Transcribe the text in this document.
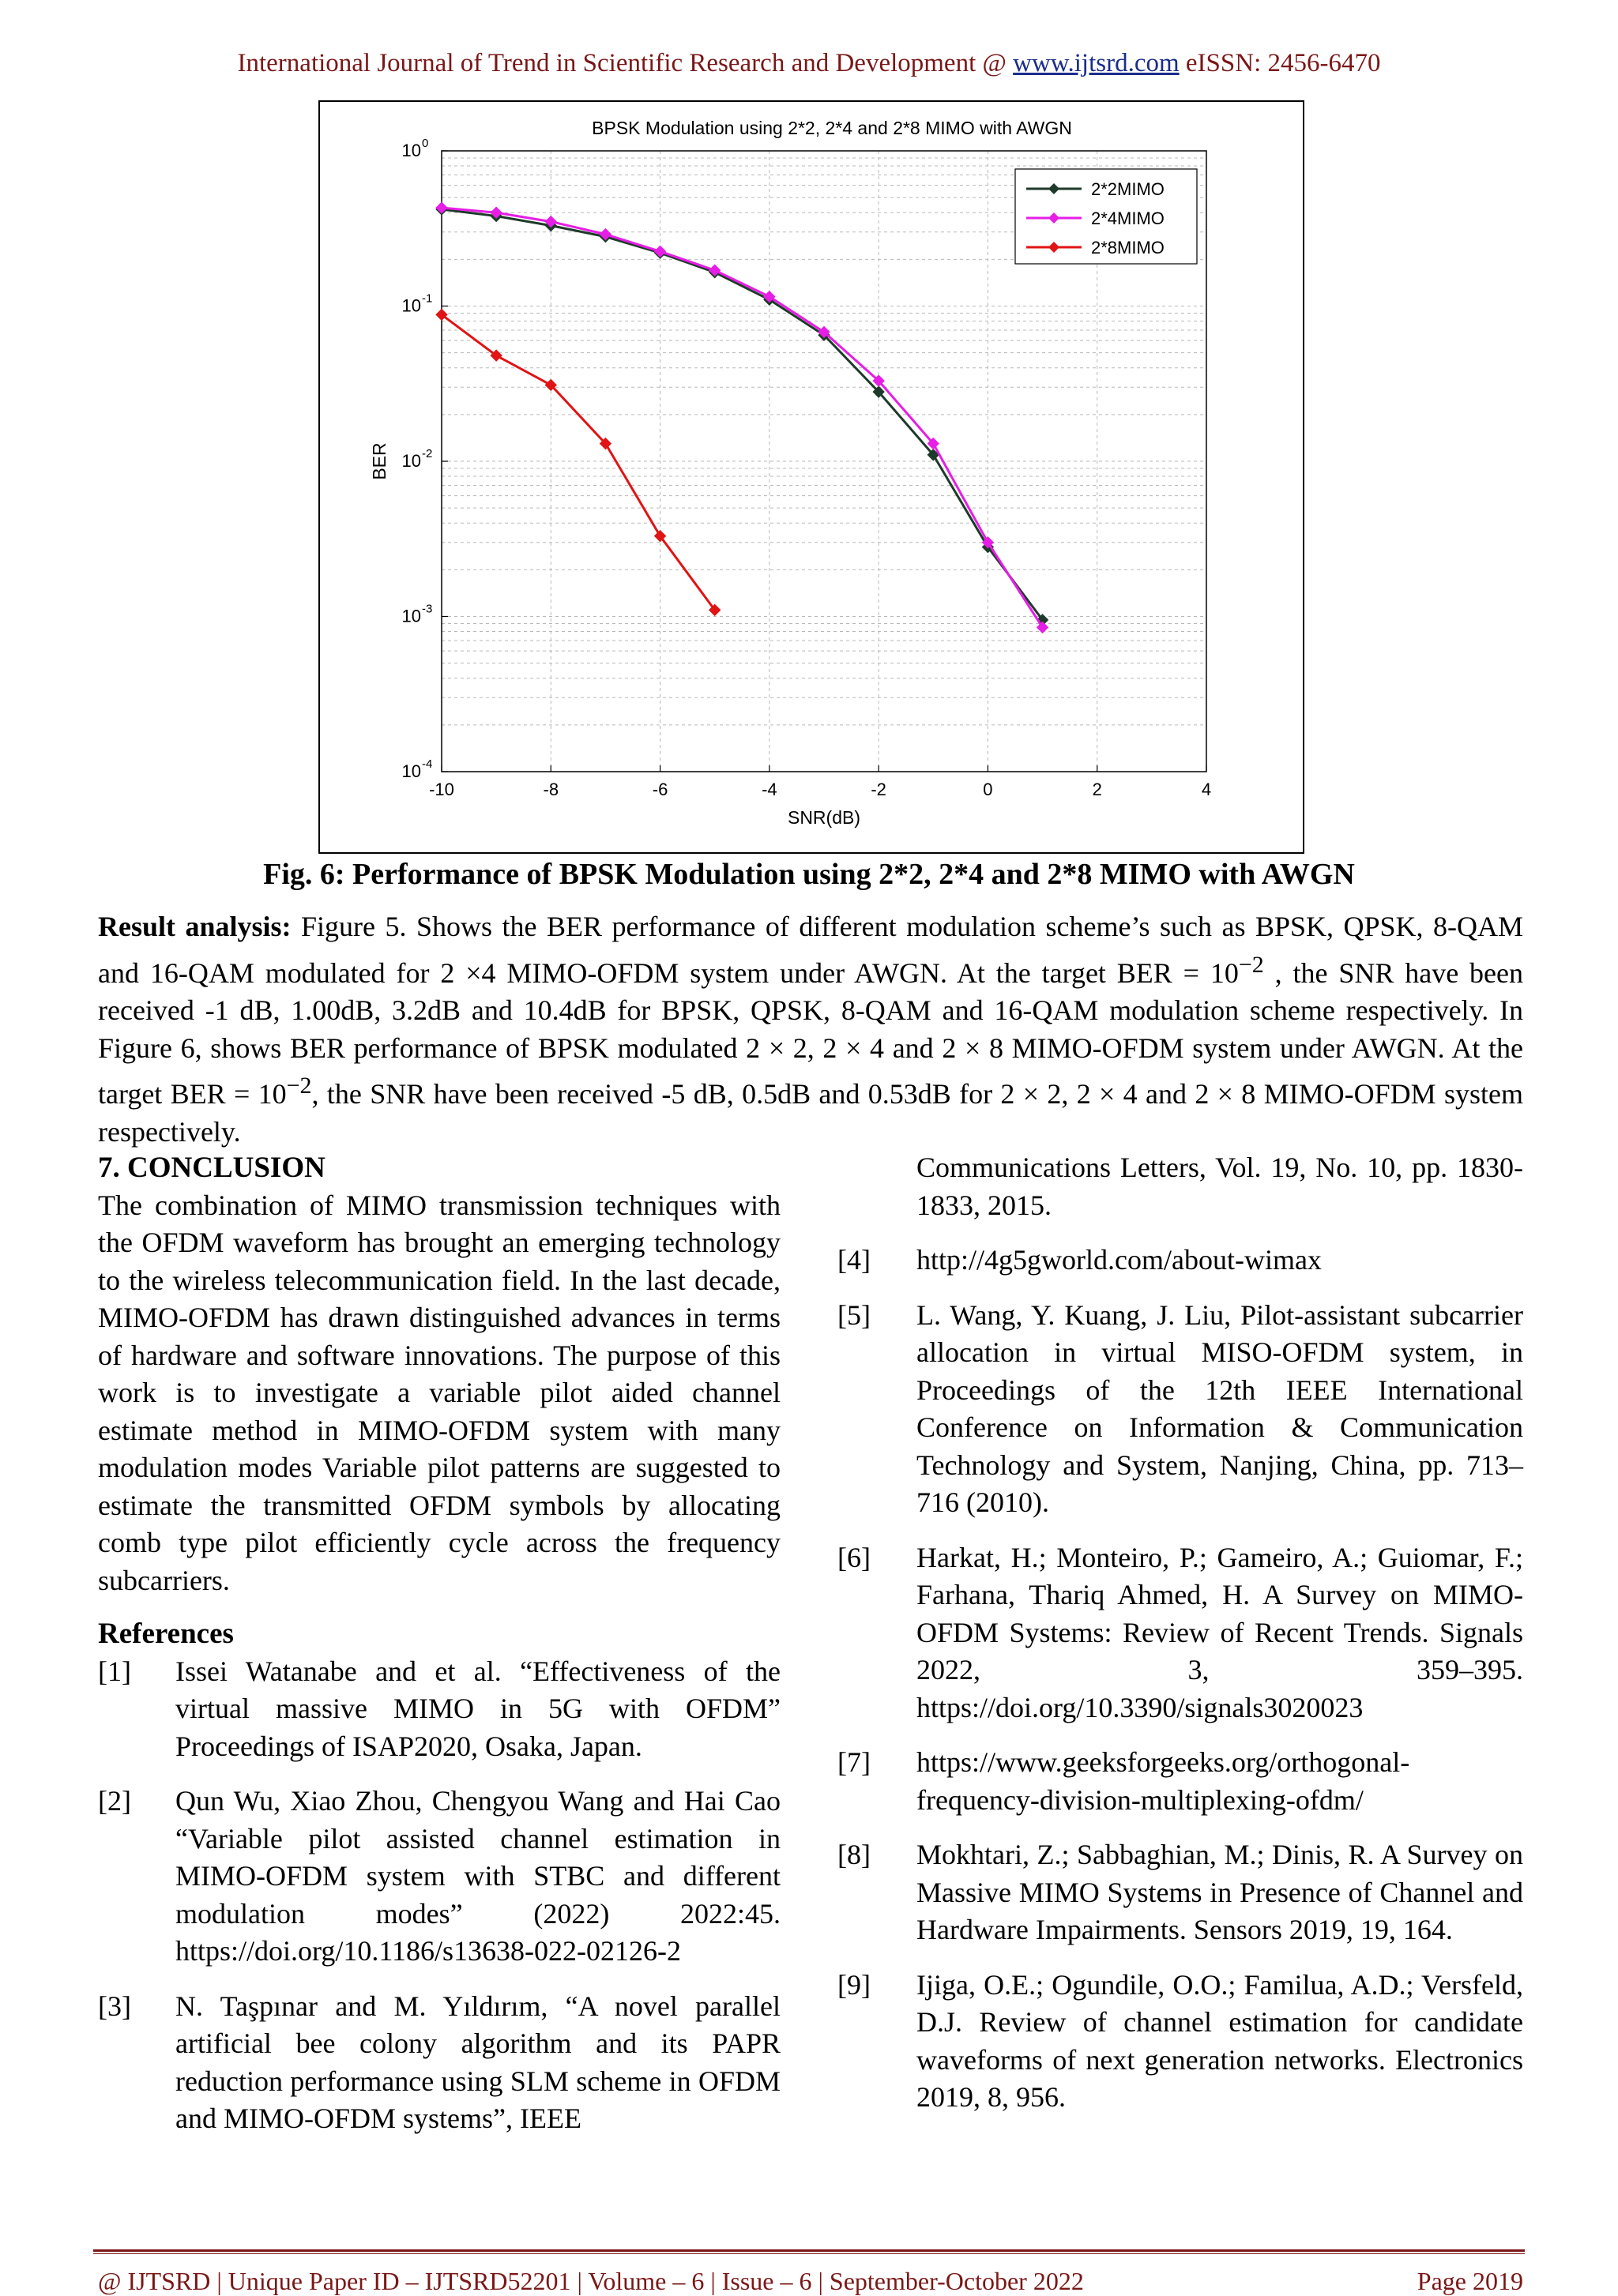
International Journal of Trend in Scientific Research and Development @ www.ijtsrd.com eISSN: 2456-6470
-10	-8	-6	-4	-2	0	2	4
10 -4
10 -3
10 -2
10 -1
10 0
BPSK Modulation using 2*2, 2*4 and 2*8 MIMO with AWGN
SNR(dB)
BER
2*2MIMO
2*4MIMO
2*8MIMO
Fig. 6: Performance of BPSK Modulation using 2*2, 2*4 and 2*8 MIMO with AWGN
Result analysis: Figure 5. Shows the BER performance of different modulation scheme’s such as BPSK, QPSK, 8-QAM and 16-QAM modulated for 2 ×4 MIMO-OFDM system under AWGN. At the target BER = $10^{-2}$ , the SNR have been received -1 dB, 1.00dB, 3.2dB and 10.4dB for BPSK, QPSK, 8-QAM and 16-QAM modulation scheme respectively. In Figure 6, shows BER performance of BPSK modulated 2 × 2, 2 × 4 and 2 × 8 MIMO-OFDM system under AWGN. At the target BER = $10^{-2}$, the SNR have been received -5 dB, 0.5dB and 0.53dB for 2 × 2, 2 × 4 and 2 × 8 MIMO-OFDM system respectively.
7. CONCLUSION
The combination of MIMO transmission techniques with the OFDM waveform has brought an emerging technology to the wireless telecommunication field. In the last decade, MIMO-OFDM has drawn distinguished advances in terms of hardware and software innovations. The purpose of this work is to investigate a variable pilot aided channel estimate method in MIMO-OFDM system with many modulation modes Variable pilot patterns are suggested to estimate the transmitted OFDM symbols by allocating comb type pilot efficiently cycle across the frequency subcarriers.
References
[1]	Issei Watanabe and et al. “Effectiveness of the virtual massive MIMO in 5G with OFDM” Proceedings of ISAP2020, Osaka, Japan.
[2]	Qun Wu, Xiao Zhou, Chengyou Wang and Hai Cao “Variable pilot assisted channel estimation in MIMO‑OFDM system with STBC and different modulation modes” (2022) 2022:45. https://doi.org/10.1186/s13638-022-02126-2
[3]	N. Taşpınar and M. Yıldırım, “A novel parallel artificial bee colony algorithm and its PAPR reduction performance using SLM scheme in OFDM and MIMO-OFDM systems”, IEEE
Communications Letters, Vol. 19, No. 10, pp. 1830-1833, 2015.
[4]	http://4g5gworld.com/about-wimax
[5]	L. Wang, Y. Kuang, J. Liu, Pilot-assistant subcarrier allocation in virtual MISO-OFDM system, in Proceedings of the 12th IEEE International Conference on Information & Communication Technology and System, Nanjing, China, pp. 713–716 (2010).
[6]	Harkat, H.; Monteiro, P.; Gameiro, A.; Guiomar, F.; Farhana, Thariq Ahmed, H. A Survey on MIMO-OFDM Systems: Review of Recent Trends. Signals 2022, 3, 359–395. https://doi.org/10.3390/signals3020023
[7]	https://www.geeksforgeeks.org/orthogonal-frequency-division-multiplexing-ofdm/
[8]	Mokhtari, Z.; Sabbaghian, M.; Dinis, R. A Survey on Massive MIMO Systems in Presence of Channel and Hardware Impairments. Sensors 2019, 19, 164.
[9]	Ijiga, O.E.; Ogundile, O.O.; Familua, A.D.; Versfeld, D.J. Review of channel estimation for candidate waveforms of next generation networks. Electronics 2019, 8, 956.
@ IJTSRD | Unique Paper ID – IJTSRD52201 | Volume – 6 | Issue – 6 | September-October 2022	Page 2019
